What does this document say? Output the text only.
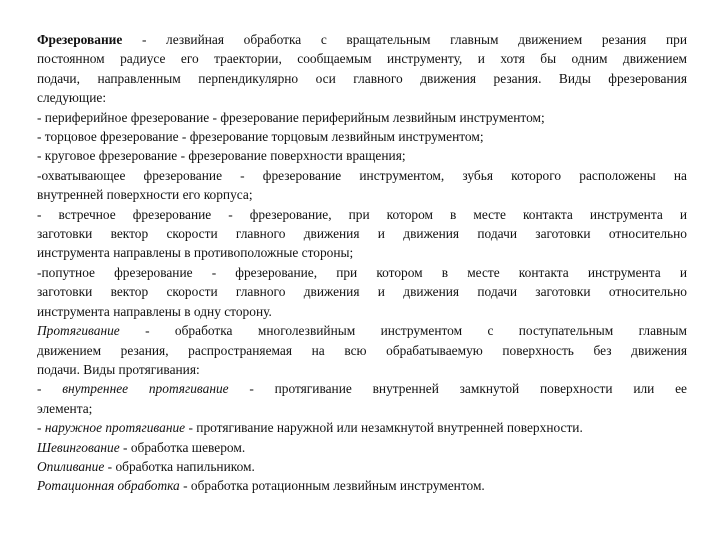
Фрезерование - лезвийная обработка с вращательным главным движением резания при
постоянном радиусе его траектории, сообщаемым инструменту, и хотя бы одним движением
подачи, направленным перпендикулярно оси главного движения резания. Виды фрезерования
следующие:
- периферийное фрезерование - фрезерование периферийным лезвийным инструментом;
- торцовое фрезерование - фрезерование торцовым лезвийным инструментом;
- круговое фрезерование - фрезерование поверхности вращения;
-охватывающее фрезерование - фрезерование инструментом, зубья которого расположены на
внутренней поверхности его корпуса;
- встречное фрезерование - фрезерование, при котором в месте контакта инструмента и
заготовки вектор скорости главного движения и движения подачи заготовки относительно
инструмента направлены в противоположные стороны;
-попутное фрезерование - фрезерование, при котором в месте контакта инструмента и
заготовки вектор скорости главного движения и движения подачи заготовки относительно
инструмента направлены в одну сторону.
Протягивание - обработка многолезвийным инструментом с поступательным главным
движением резания, распространяемая на всю обрабатываемую поверхность без движения
подачи. Виды протягивания:
- внутреннее протягивание - протягивание внутренней замкнутой поверхности или ее
элемента;
- наружное протягивание - протягивание наружной или незамкнутой внутренней поверхности.
Шевингование - обработка шевером.
Опиливание - обработка напильником.
Ротационная обработка - обработка ротационным лезвийным инструментом.
